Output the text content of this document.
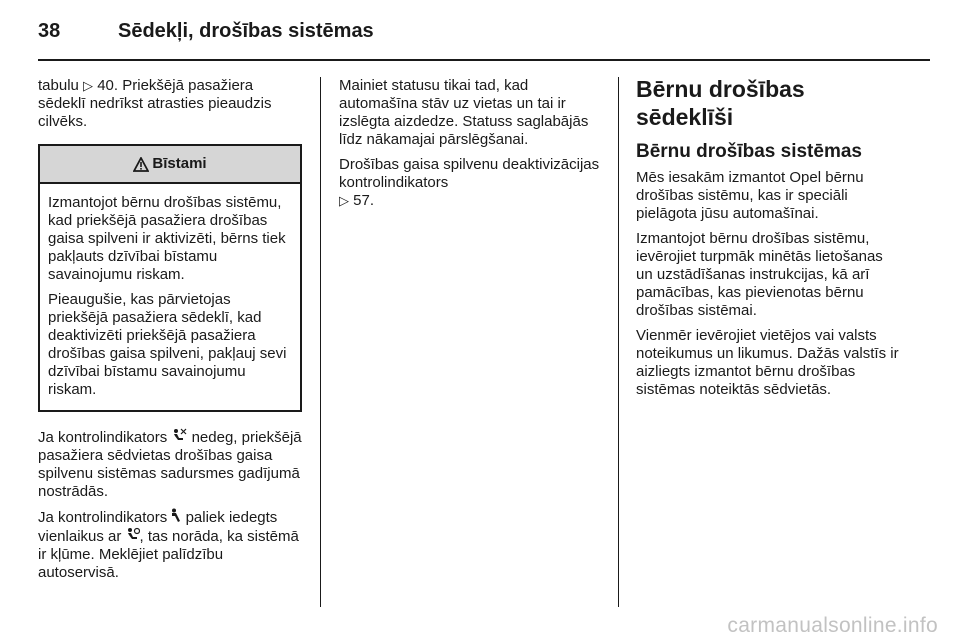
38	Sēdekļi, drošības sistēmas

tabulu ▷ 40. Priekšējā pasažiera sēdeklī nedrīkst atrasties pieaudzis cilvēks.

Bīstami

Izmantojot bērnu drošības sistēmu, kad priekšējā pasažiera drošības gaisa spilveni ir aktivizēti, bērns tiek pakļauts dzīvībai bīstamu savainojumu riskam.

Pieaugušie, kas pārvietojas priekšējā pasažiera sēdeklī, kad deaktivizēti priekšējā pasažiera drošības gaisa spilveni, pakļauj sevi dzīvībai bīstamu savainojumu riskam.

Ja kontrolindikators nedeg, priekšējā pasažiera sēdvietas drošības gaisa spilvenu sistēmas sadursmes gadījumā nostrādās.

Ja kontrolindikators paliek iedegts vienlaikus ar , tas norāda, ka sistēmā ir kļūme. Meklējiet palīdzību autoservisā.

Mainiet statusu tikai tad, kad automašīna stāv uz vietas un tai ir izslēgta aizdedze. Statuss saglabājās līdz nākamajai pārslēgšanai.

Drošības gaisa spilvenu deaktivizācijas kontrolindikators
▷ 57.

Bērnu drošības sēdeklīši
Bērnu drošības sistēmas

Mēs iesakām izmantot Opel bērnu drošības sistēmu, kas ir speciāli pielāgota jūsu automašīnai.

Izmantojot bērnu drošības sistēmu, ievērojiet turpmāk minētās lietošanas un uzstādīšanas instrukcijas, kā arī pamācības, kas pievienotas bērnu drošības sistēmai.

Vienmēr ievērojiet vietējos vai valsts noteikumus un likumus. Dažās valstīs ir aizliegts izmantot bērnu drošības sistēmas noteiktās sēdvietās.

carmanualsonline.info
